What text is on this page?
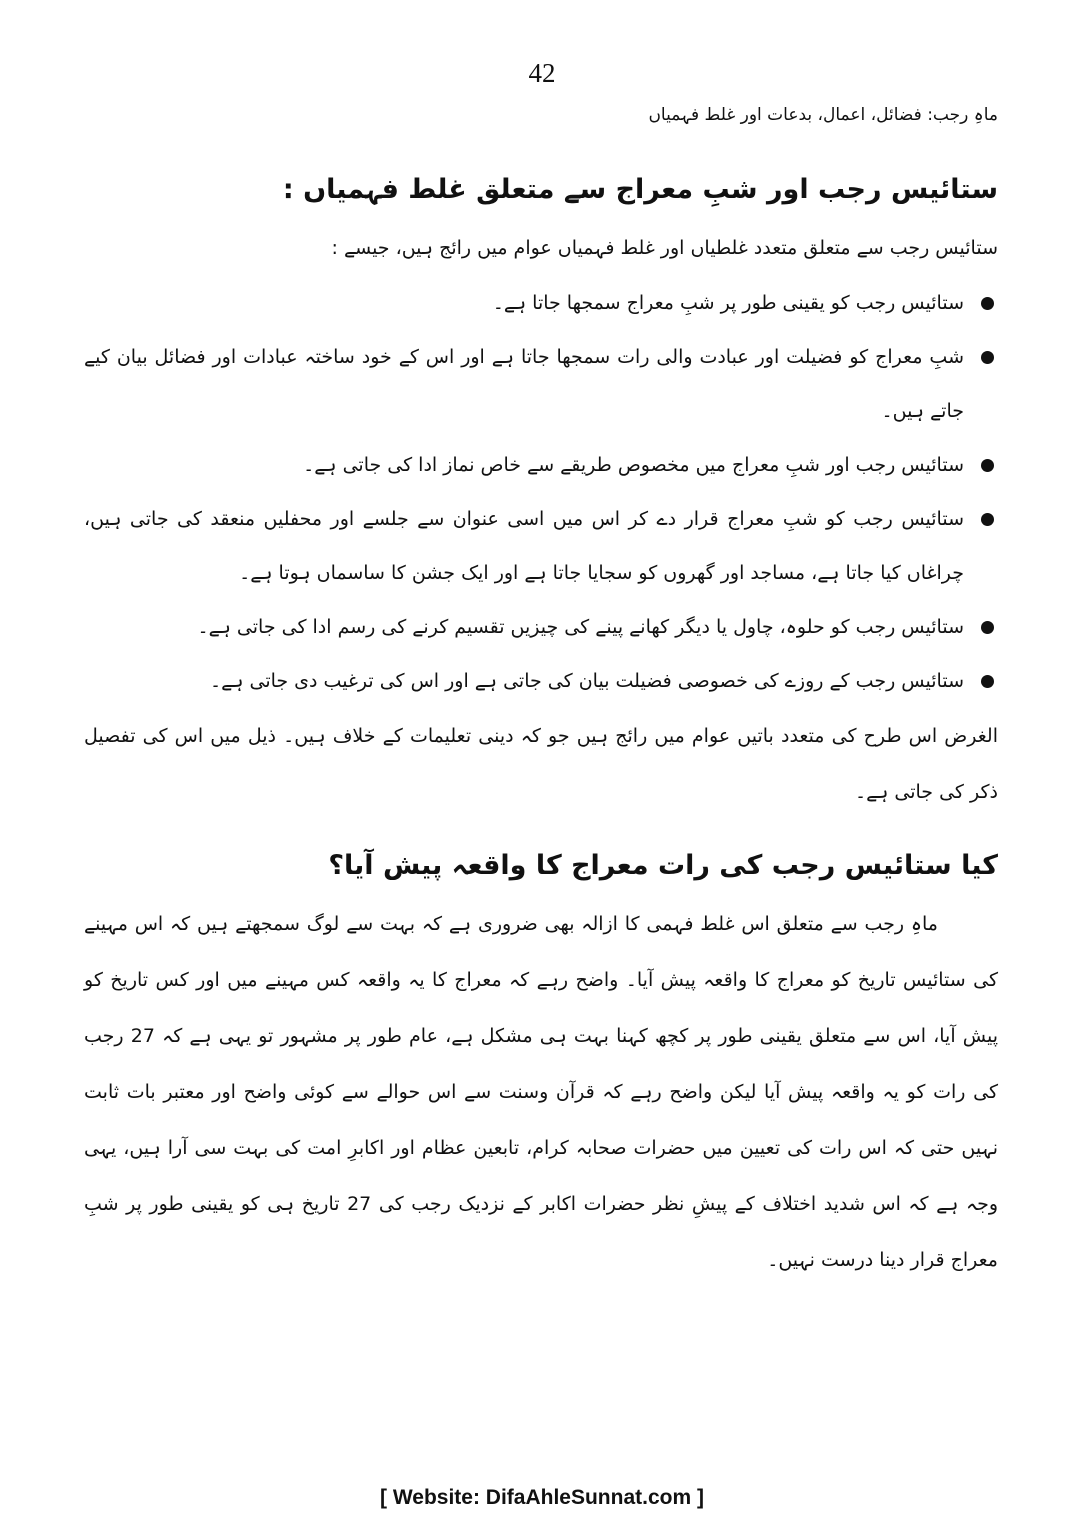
42
ماہِ رجب: فضائل، اعمال، بدعات اور غلط فہمیاں
ستائیس رجب اور شبِ معراج سے متعلق غلط فہمیاں :

ستائیس رجب سے متعلق متعدد غلطیاں اور غلط فہمیاں عوام میں رائج ہیں، جیسے :

ستائیس رجب کو یقینی طور پر شبِ معراج سمجھا جاتا ہے۔
شبِ معراج کو فضیلت اور عبادت والی رات سمجھا جاتا ہے اور اس کے خود ساختہ عبادات اور فضائل بیان کیے جاتے ہیں۔
ستائیس رجب اور شبِ معراج میں مخصوص طریقے سے خاص نماز ادا کی جاتی ہے۔
ستائیس رجب کو شبِ معراج قرار دے کر اس میں اسی عنوان سے جلسے اور محفلیں منعقد کی جاتی ہیں، چراغاں کیا جاتا ہے، مساجد اور گھروں کو سجایا جاتا ہے اور ایک جشن کا ساسماں ہوتا ہے۔
ستائیس رجب کو حلوہ، چاول یا دیگر کھانے پینے کی چیزیں تقسیم کرنے کی رسم ادا کی جاتی ہے۔
ستائیس رجب کے روزے کی خصوصی فضیلت بیان کی جاتی ہے اور اس کی ترغیب دی جاتی ہے۔

الغرض اس طرح کی متعدد باتیں عوام میں رائج ہیں جو کہ دینی تعلیمات کے خلاف ہیں۔ ذیل میں اس کی تفصیل ذکر کی جاتی ہے۔

کیا ستائیس رجب کی رات معراج کا واقعہ پیش آیا؟

ماہِ رجب سے متعلق اس غلط فہمی کا ازالہ بھی ضروری ہے کہ بہت سے لوگ سمجھتے ہیں کہ اس مہینے کی ستائیس تاریخ کو معراج کا واقعہ پیش آیا۔ واضح رہے کہ معراج کا یہ واقعہ کس مہینے میں اور کس تاریخ کو پیش آیا، اس سے متعلق یقینی طور پر کچھ کہنا بہت ہی مشکل ہے، عام طور پر مشہور تو یہی ہے کہ 27 رجب کی رات کو یہ واقعہ پیش آیا لیکن واضح رہے کہ قرآن وسنت سے اس حوالے سے کوئی واضح اور معتبر بات ثابت نہیں حتی کہ اس رات کی تعیین میں حضرات صحابہ کرام، تابعین عظام اور اکابرِ امت کی بہت سی آرا ہیں، یہی وجہ ہے کہ اس شدید اختلاف کے پیشِ نظر حضرات اکابر کے نزدیک رجب کی 27 تاریخ ہی کو یقینی طور پر شبِ معراج قرار دینا درست نہیں۔

[ Website: DifaAhleSunnat.com ]
